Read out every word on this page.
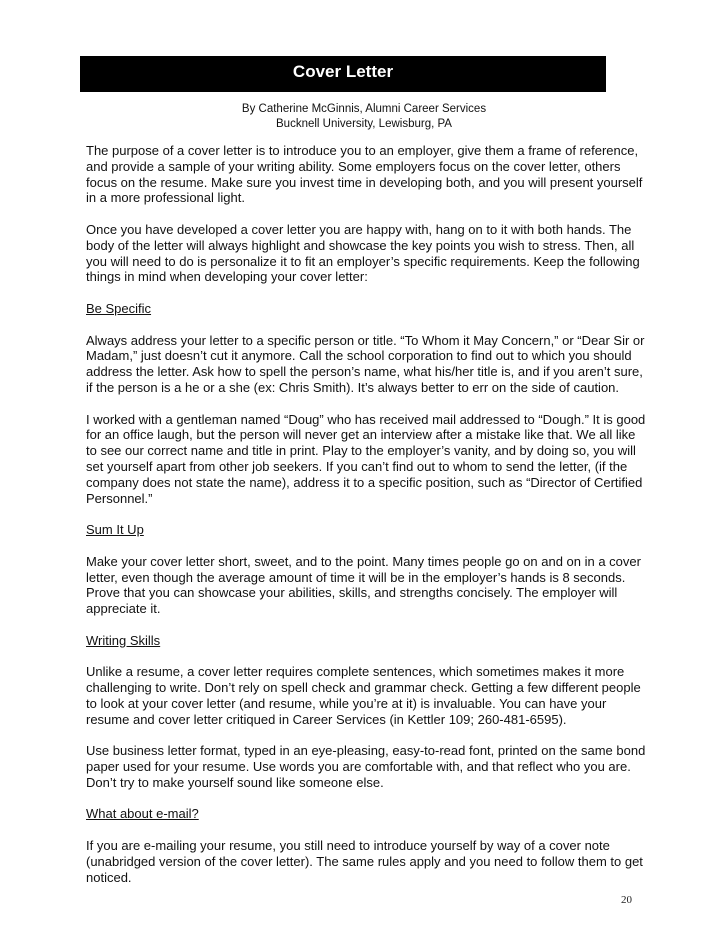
Cover Letter
By Catherine McGinnis, Alumni Career Services
Bucknell University, Lewisburg, PA

The purpose of a cover letter is to introduce you to an employer, give them a frame of reference, and provide a sample of your writing ability. Some employers focus on the cover letter, others focus on the resume. Make sure you invest time in developing both, and you will present yourself in a more professional light.

Once you have developed a cover letter you are happy with, hang on to it with both hands. The body of the letter will always highlight and showcase the key points you wish to stress. Then, all you will need to do is personalize it to fit an employer’s specific requirements. Keep the following things in mind when developing your cover letter:

Be Specific

Always address your letter to a specific person or title. “To Whom it May Concern,” or “Dear Sir or Madam,” just doesn’t cut it anymore. Call the school corporation to find out to which you should address the letter. Ask how to spell the person’s name, what his/her title is, and if you aren’t sure, if the person is a he or a she (ex: Chris Smith). It’s always better to err on the side of caution.

I worked with a gentleman named “Doug” who has received mail addressed to “Dough.” It is good for an office laugh, but the person will never get an interview after a mistake like that. We all like to see our correct name and title in print. Play to the employer’s vanity, and by doing so, you will set yourself apart from other job seekers. If you can’t find out to whom to send the letter, (if the company does not state the name), address it to a specific position, such as “Director of Certified Personnel.”

Sum It Up

Make your cover letter short, sweet, and to the point. Many times people go on and on in a cover letter, even though the average amount of time it will be in the employer’s hands is 8 seconds. Prove that you can showcase your abilities, skills, and strengths concisely. The employer will appreciate it.

Writing Skills

Unlike a resume, a cover letter requires complete sentences, which sometimes makes it more challenging to write. Don’t rely on spell check and grammar check. Getting a few different people to look at your cover letter (and resume, while you’re at it) is invaluable. You can have your resume and cover letter critiqued in Career Services (in Kettler 109; 260-481-6595).

Use business letter format, typed in an eye-pleasing, easy-to-read font, printed on the same bond paper used for your resume. Use words you are comfortable with, and that reflect who you are. Don’t try to make yourself sound like someone else.

What about e-mail?

If you are e-mailing your resume, you still need to introduce yourself by way of a cover note (unabridged version of the cover letter). The same rules apply and you need to follow them to get noticed.

20
